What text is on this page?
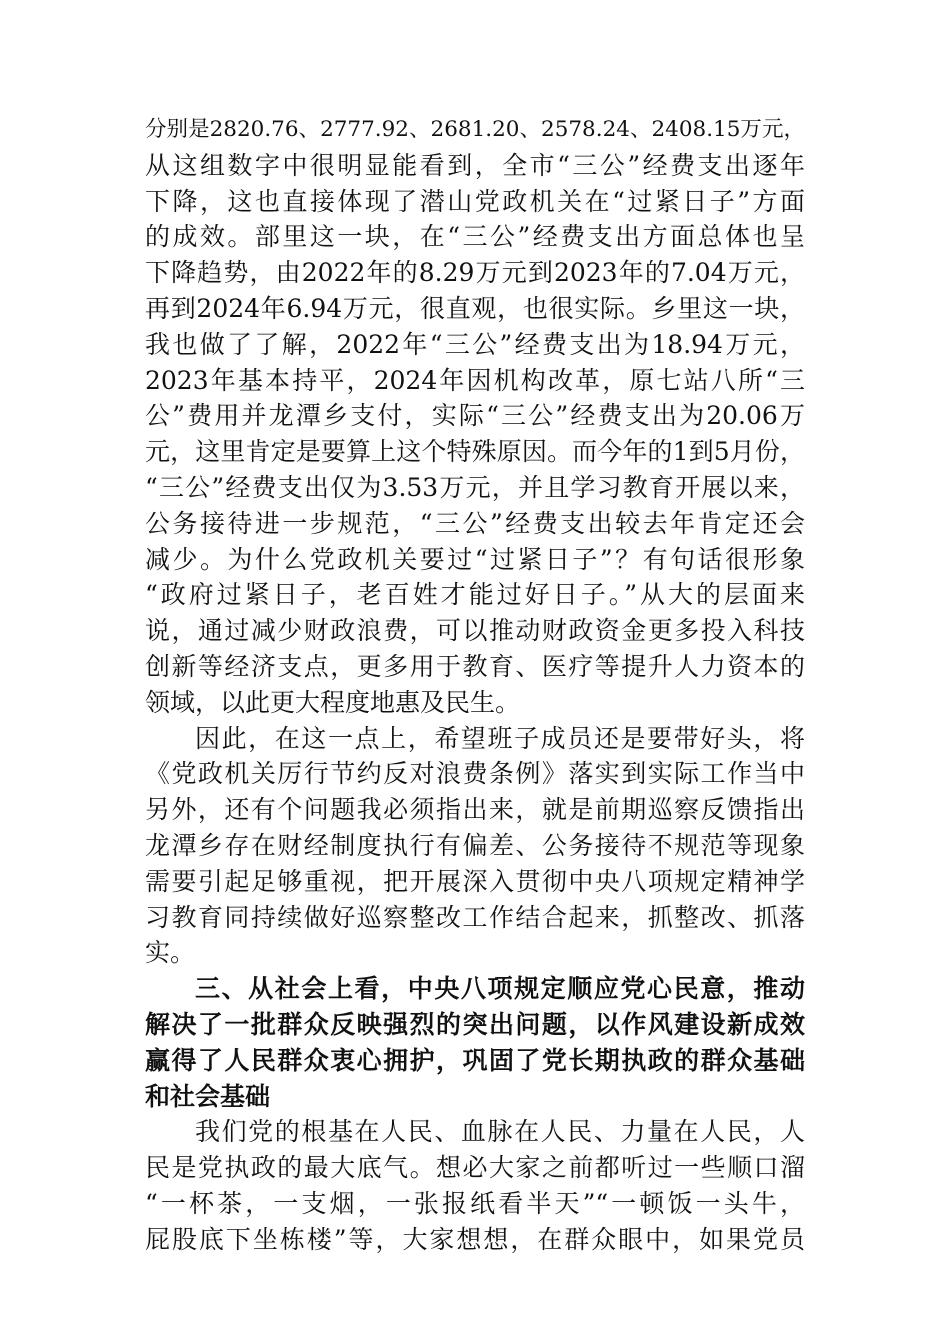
分别是2820.76、2777.92、2681.20、2578.24、2408.15万元，
从这组数字中很明显能看到，全市“三公”经费支出逐年
下降，这也直接体现了潜山党政机关在“过紧日子”方面
的成效。部里这一块，在“三公”经费支出方面总体也呈
下降趋势，由2022年的8.29万元到2023年的7.04万元，
再到2024年6.94万元，很直观，也很实际。乡里这一块，
我也做了了解，2022年“三公”经费支出为18.94万元，
2023年基本持平，2024年因机构改革，原七站八所“三
公”费用并龙潭乡支付，实际“三公”经费支出为20.06万
元，这里肯定是要算上这个特殊原因。而今年的1到5月份，
“三公”经费支出仅为3.53万元，并且学习教育开展以来，
公务接待进一步规范，“三公”经费支出较去年肯定还会
减少。为什么党政机关要过“过紧日子”？有句话很形象
“政府过紧日子，老百姓才能过好日子。”从大的层面来
说，通过减少财政浪费，可以推动财政资金更多投入科技
创新等经济支点，更多用于教育、医疗等提升人力资本的
领域，以此更大程度地惠及民生。
因此，在这一点上，希望班子成员还是要带好头，将
《党政机关厉行节约反对浪费条例》落实到实际工作当中
另外，还有个问题我必须指出来，就是前期巡察反馈指出
龙潭乡存在财经制度执行有偏差、公务接待不规范等现象
需要引起足够重视，把开展深入贯彻中央八项规定精神学
习教育同持续做好巡察整改工作结合起来，抓整改、抓落
实。
三、从社会上看，中央八项规定顺应党心民意，推动
解决了一批群众反映强烈的突出问题，以作风建设新成效
赢得了人民群众衷心拥护，巩固了党长期执政的群众基础
和社会基础
我们党的根基在人民、血脉在人民、力量在人民，人
民是党执政的最大底气。想必大家之前都听过一些顺口溜
“一杯茶，一支烟，一张报纸看半天”“一顿饭一头牛，
屁股底下坐栋楼”等，大家想想，在群众眼中，如果党员
